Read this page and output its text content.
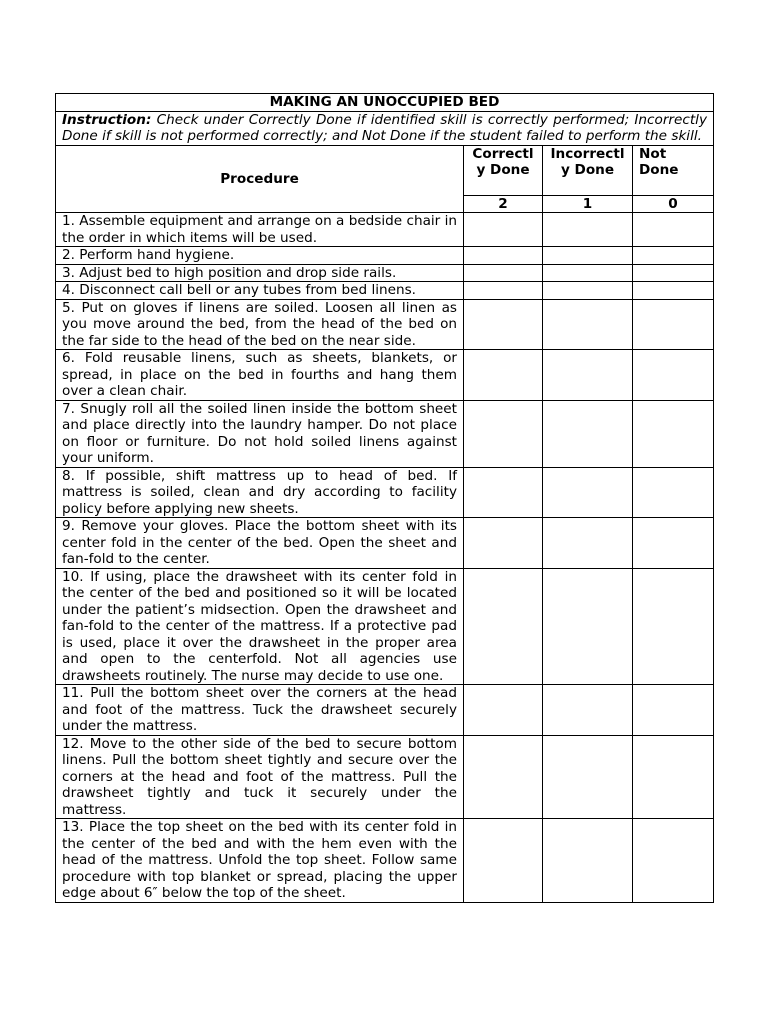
MAKING AN UNOCCUPIED BED			
Instruction: Check under Correctly Done if identified skill is correctly performed; Incorrectly Done if skill is not performed correctly; and Not Done if the student failed to perform the skill.			
Procedure	Correctly Done	Incorrectly Done	Not Done
	2	1	0
1. Assemble equipment and arrange on a bedside chair in the order in which items will be used.			
2. Perform hand hygiene.			
3. Adjust bed to high position and drop side rails.			
4. Disconnect call bell or any tubes from bed linens.			
5. Put on gloves if linens are soiled. Loosen all linen as you move around the bed, from the head of the bed on the far side to the head of the bed on the near side.			
6. Fold reusable linens, such as sheets, blankets, or spread, in place on the bed in fourths and hang them over a clean chair.			
7. Snugly roll all the soiled linen inside the bottom sheet and place directly into the laundry hamper. Do not place on floor or furniture. Do not hold soiled linens against your uniform.			
8. If possible, shift mattress up to head of bed. If mattress is soiled, clean and dry according to facility policy before applying new sheets.			
9. Remove your gloves. Place the bottom sheet with its center fold in the center of the bed. Open the sheet and fan-fold to the center.			
10. If using, place the drawsheet with its center fold in the center of the bed and positioned so it will be located under the patient’s midsection. Open the drawsheet and fan-fold to the center of the mattress. If a protective pad is used, place it over the drawsheet in the proper area and open to the centerfold. Not all agencies use drawsheets routinely. The nurse may decide to use one.			
11. Pull the bottom sheet over the corners at the head and foot of the mattress. Tuck the drawsheet securely under the mattress.			
12. Move to the other side of the bed to secure bottom linens. Pull the bottom sheet tightly and secure over the corners at the head and foot of the mattress. Pull the drawsheet tightly and tuck it securely under the mattress.			
13. Place the top sheet on the bed with its center fold in the center of the bed and with the hem even with the head of the mattress. Unfold the top sheet. Follow same procedure with top blanket or spread, placing the upper edge about 6″ below the top of the sheet.			
